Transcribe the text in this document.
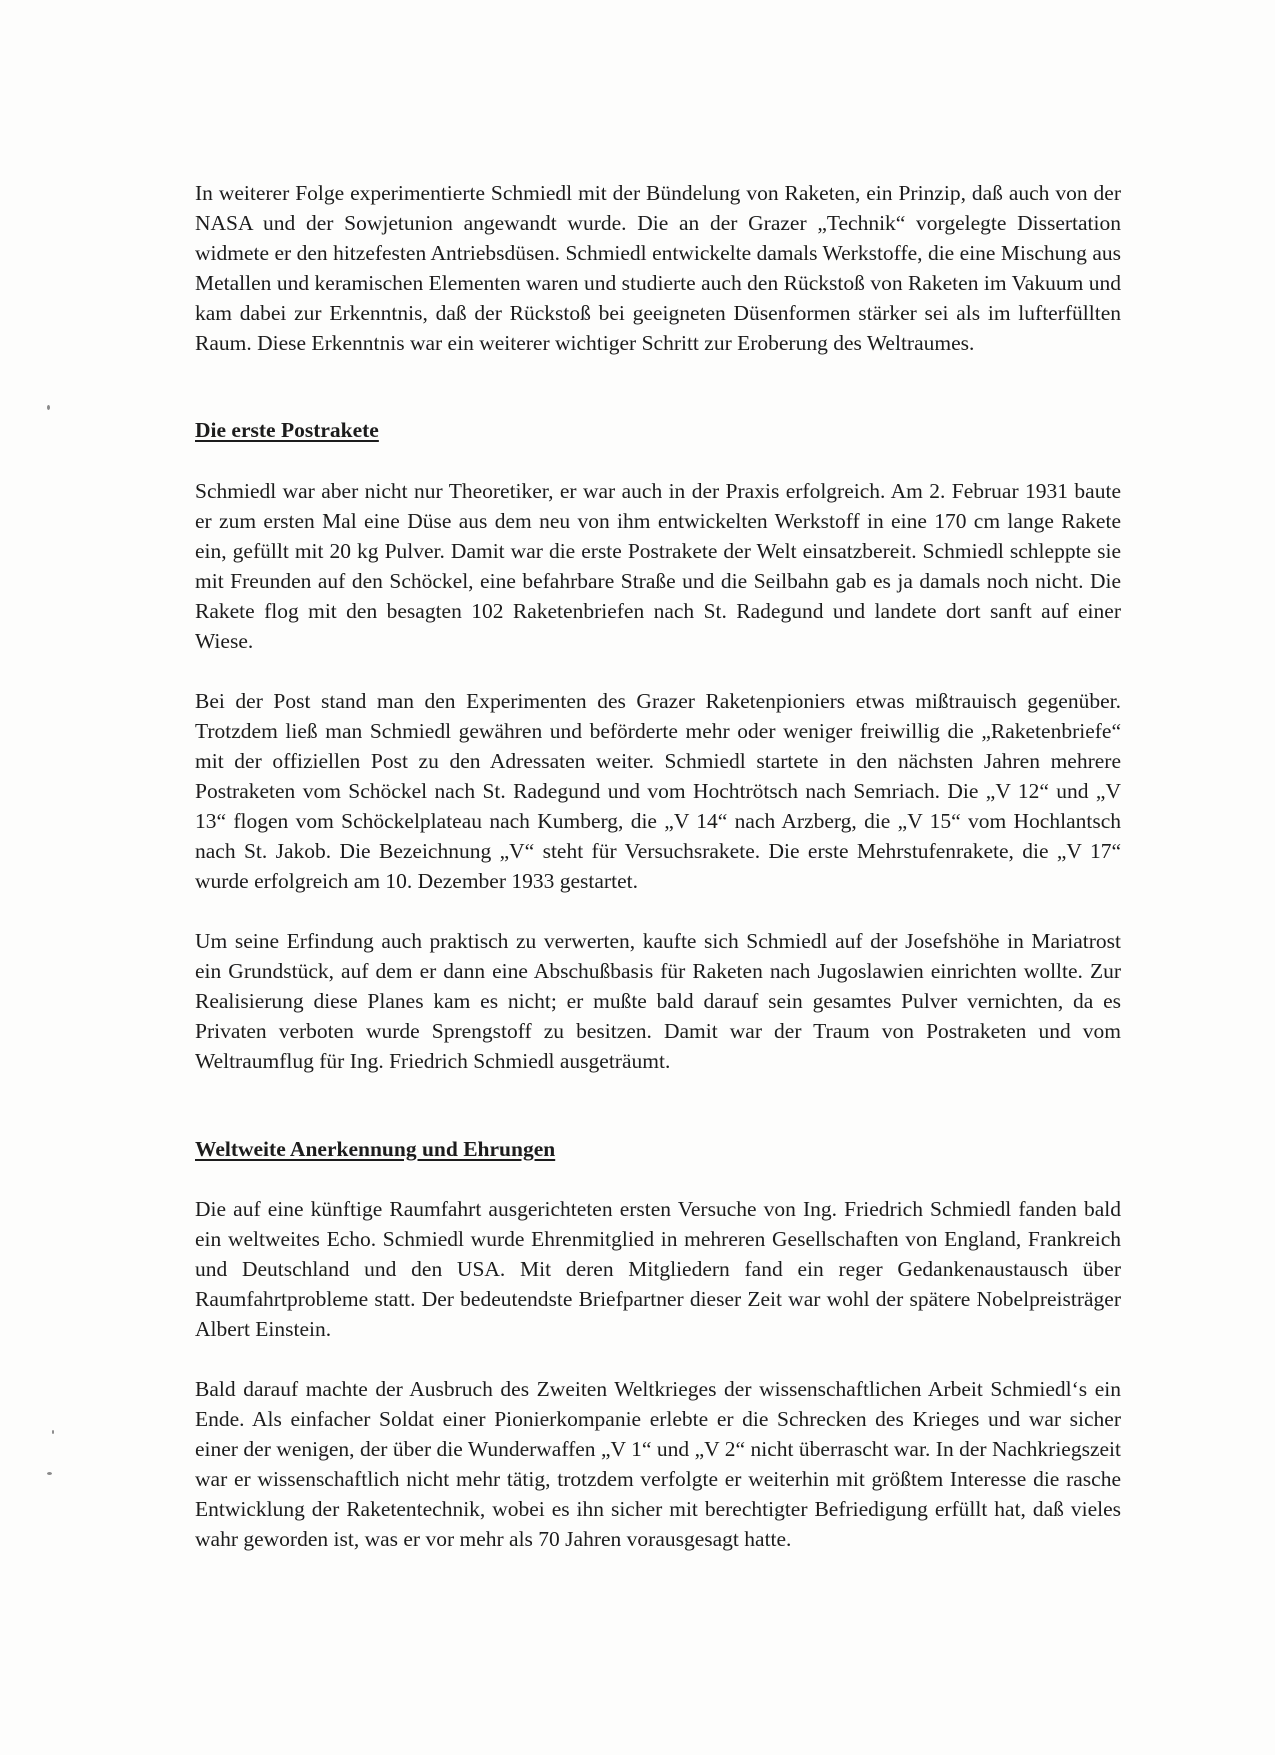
In weiterer Folge experimentierte Schmiedl mit der Bündelung von Raketen, ein Prinzip, daß auch von der NASA und der Sowjetunion angewandt wurde. Die an der Grazer „Technik“ vorgelegte Dissertation widmete er den hitzefesten Antriebsdüsen. Schmiedl entwickelte damals Werkstoffe, die eine Mischung aus Metallen und keramischen Elementen waren und studierte auch den Rückstoß von Raketen im Vakuum und kam dabei zur Erkenntnis, daß der Rückstoß bei geeigneten Düsenformen stärker sei als im lufterfüllten Raum. Diese Erkenntnis war ein weiterer wichtiger Schritt zur Eroberung des Weltraumes.

Die erste Postrakete

Schmiedl war aber nicht nur Theoretiker, er war auch in der Praxis erfolgreich. Am 2. Februar 1931 baute er zum ersten Mal eine Düse aus dem neu von ihm entwickelten Werkstoff in eine 170 cm lange Rakete ein, gefüllt mit 20 kg Pulver. Damit war die erste Postrakete der Welt einsatzbereit. Schmiedl schleppte sie mit Freunden auf den Schöckel, eine befahrbare Straße und die Seilbahn gab es ja damals noch nicht. Die Rakete flog mit den besagten 102 Raketenbriefen nach St. Radegund und landete dort sanft auf einer Wiese.

Bei der Post stand man den Experimenten des Grazer Raketenpioniers etwas mißtrauisch gegenüber. Trotzdem ließ man Schmiedl gewähren und beförderte mehr oder weniger freiwillig die „Raketenbriefe“ mit der offiziellen Post zu den Adressaten weiter. Schmiedl startete in den nächsten Jahren mehrere Postraketen vom Schöckel nach St. Radegund und vom Hochtrötsch nach Semriach. Die „V 12“ und „V 13“ flogen vom Schöckelplateau nach Kumberg, die „V 14“ nach Arzberg, die „V 15“ vom Hochlantsch nach St. Jakob. Die Bezeichnung „V“ steht für Versuchsrakete. Die erste Mehrstufenrakete, die „V 17“ wurde erfolgreich am 10. Dezember 1933 gestartet.

Um seine Erfindung auch praktisch zu verwerten, kaufte sich Schmiedl auf der Josefshöhe in Mariatrost ein Grundstück, auf dem er dann eine Abschußbasis für Raketen nach Jugoslawien einrichten wollte. Zur Realisierung diese Planes kam es nicht; er mußte bald darauf sein gesamtes Pulver vernichten, da es Privaten verboten wurde Sprengstoff zu besitzen. Damit war der Traum von Postraketen und vom Weltraumflug für Ing. Friedrich Schmiedl ausgeträumt.

Weltweite Anerkennung und Ehrungen

Die auf eine künftige Raumfahrt ausgerichteten ersten Versuche von Ing. Friedrich Schmiedl fanden bald ein weltweites Echo. Schmiedl wurde Ehrenmitglied in mehreren Gesellschaften von England, Frankreich und Deutschland und den USA. Mit deren Mitgliedern fand ein reger Gedankenaustausch über Raumfahrtprobleme statt. Der bedeutendste Briefpartner dieser Zeit war wohl der spätere Nobelpreisträger Albert Einstein.

Bald darauf machte der Ausbruch des Zweiten Weltkrieges der wissenschaftlichen Arbeit Schmiedl‘s ein Ende. Als einfacher Soldat einer Pionierkompanie erlebte er die Schrecken des Krieges und war sicher einer der wenigen, der über die Wunderwaffen „V 1“ und „V 2“ nicht überrascht war. In der Nachkriegszeit war er wissenschaftlich nicht mehr tätig, trotzdem verfolgte er weiterhin mit größtem Interesse die rasche Entwicklung der Raketentechnik, wobei es ihn sicher mit berechtigter Befriedigung erfüllt hat, daß vieles wahr geworden ist, was er vor mehr als 70 Jahren vorausgesagt hatte.
